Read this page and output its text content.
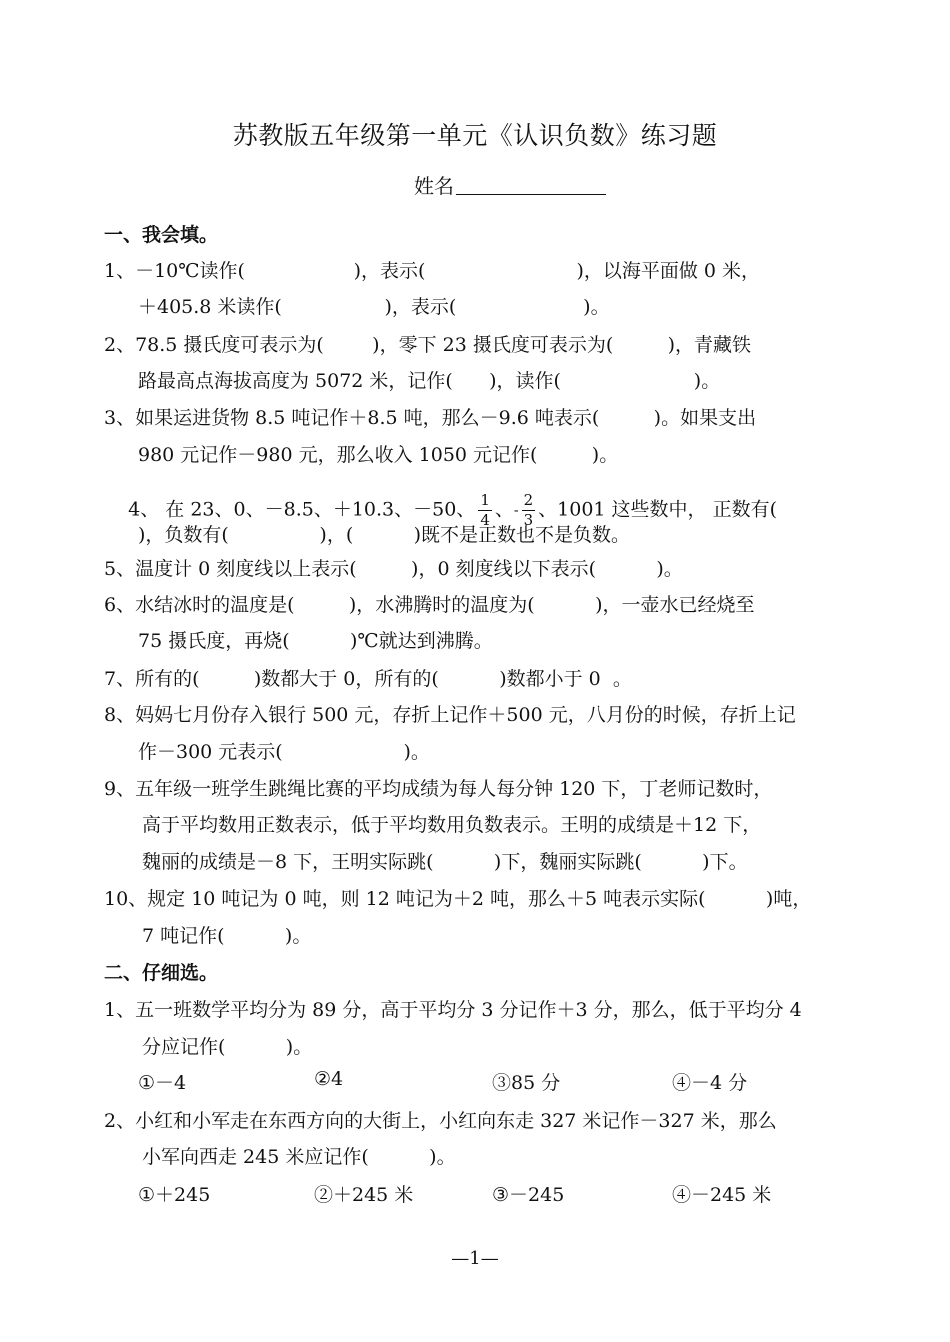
苏教版五年级第一单元《认识负数》练习题
姓名
一、我会填。
1、－10℃读作(                  )，表示(                         )，以海平面做 0 米，
＋405.8 米读作(                 )，表示(                     )。
2、78.5 摄氏度可表示为(        )，零下 23 摄氏度可表示为(         )，青藏铁
路最高点海拔高度为 5072 米，记作(      )，读作(                      )。
3、如果运进货物 8.5 吨记作＋8.5 吨，那么－9.6 吨表示(         )。如果支出
980 元记作－980 元，那么收入 1050 元记作(         )。

4、 在 23、0、－8.5、＋10.3、－50、 $\frac{1}{4}$ 、- $\frac{2}{3}$ 、1001 这些数中， 正数有(

)，负数有(               )，(          )既不是正数也不是负数。
5、温度计 0 刻度线以上表示(         )，0 刻度线以下表示(          )。
6、水结冰时的温度是(         )，水沸腾时的温度为(          )，一壶水已经烧至
75 摄氏度，再烧(          )℃就达到沸腾。
7、所有的(         )数都大于 0，所有的(          )数都小于 0  。
8、妈妈七月份存入银行 500 元，存折上记作＋500 元，八月份的时候，存折上记
作－300 元表示(                    )。
9、五年级一班学生跳绳比赛的平均成绩为每人每分钟 120 下，丁老师记数时，
高于平均数用正数表示，低于平均数用负数表示。王明的成绩是＋12 下，
魏丽的成绩是－8 下，王明实际跳(          )下，魏丽实际跳(          )下。
10、规定 10 吨记为 0 吨，则 12 吨记为＋2 吨，那么＋5 吨表示实际(          )吨，
7 吨记作(          )。
二、仔细选。
1、五一班数学平均分为 89 分，高于平均分 3 分记作＋3 分，那么，低于平均分 4
分应记作(          )。
①－4	②4	③85 分	④－4 分
2、小红和小军走在东西方向的大街上，小红向东走 327 米记作－327 米，那么
小军向西走 245 米应记作(          )。
①＋245	②＋245 米	③－245	④－245 米
—1—
